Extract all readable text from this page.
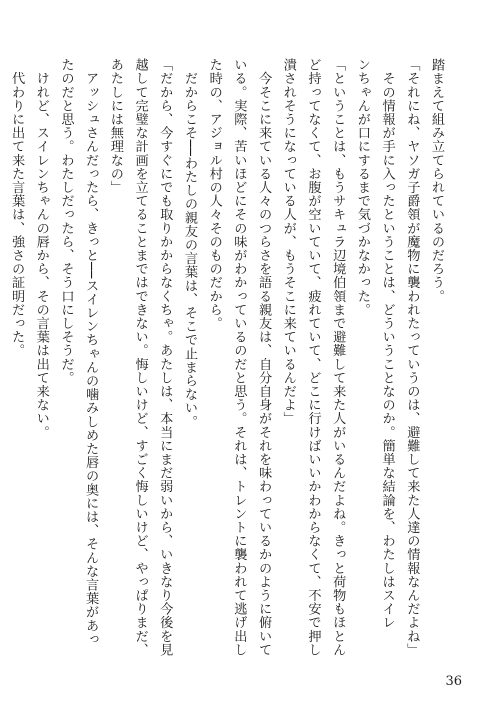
踏まえて組み立てられているのだろう。
「それにね、ヤソガ子爵領が魔物に襲われたっていうのは、避難して来た人達の情報なんだよね」
　その情報が手に入ったということは、どういうことなのか。簡単な結論を、わたしはスイレ
ンちゃんが口にするまで気づかなかった。
「ということは、もうサキュラ辺境伯領まで避難して来た人がいるんだよね。きっと荷物もほとん
ど持ってなくて、お腹が空いていて、疲れていて、どこに行けばいいかわからなくて、不安で押し
潰されそうになっている人が、もうそこに来ているんだよ」
　今そこに来ている人々のつらさを語る親友は、自分自身がそれを味わっているかのように俯いて
いる。実際、苦いほどにその味がわかっているのだと思う。それは、トレントに襲われて逃げ出し
た時の、アジョル村の人々そのものだから。
　だからこそ──わたしの親友の言葉は、そこで止まらない。
「だから、今すぐにでも取りかからなくちゃ。あたしは、本当にまだ弱いから、いきなり今後を見
越して完璧な計画を立てることまではできない。悔しいけど、すごく悔しいけど、やっぱりまだ、
あたしには無理なの」
　アッシュさんだったら、きっと──スイレンちゃんの噛みしめた唇の奥には、そんな言葉があっ
たのだと思う。わたしだったら、そう口にしそうだ。
　けれど、スイレンちゃんの唇から、その言葉は出て来ない。
　代わりに出て来た言葉は、強さの証明だった。
36
